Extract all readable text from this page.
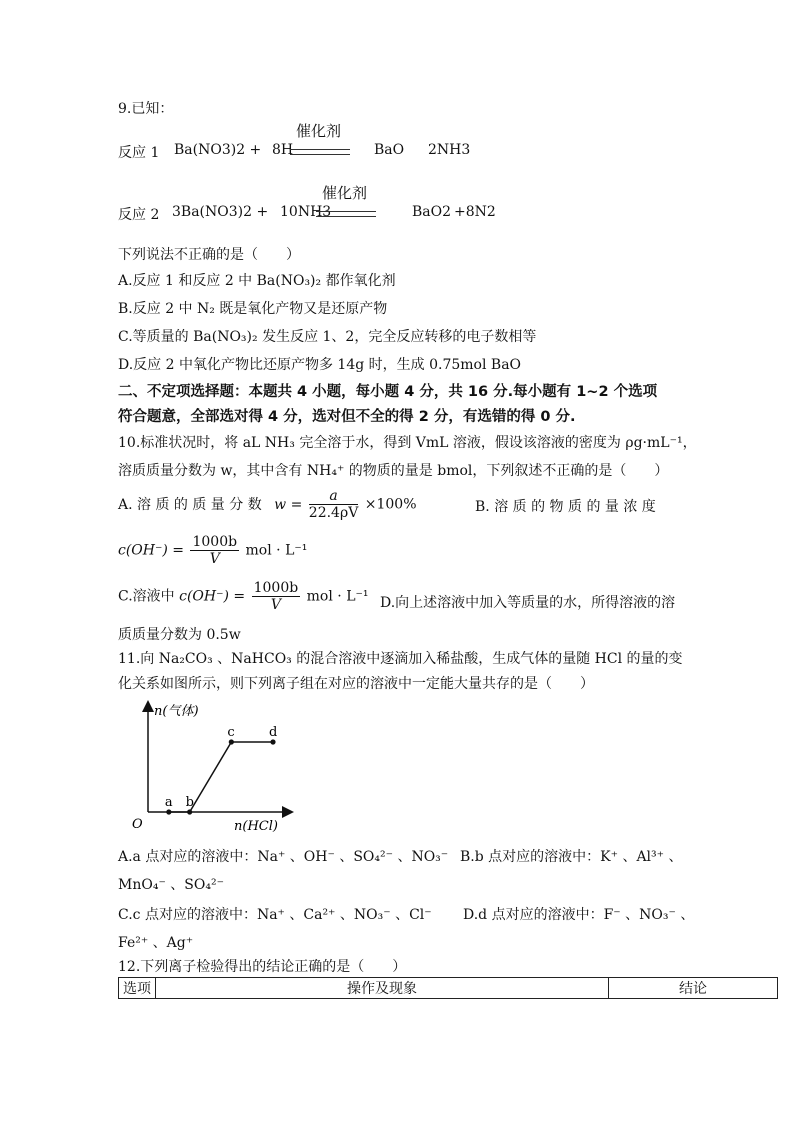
9.已知：
反应 1 Ba(NO3)2 + 8H
催化剂
BaO 2NH3
反应 2 3Ba(NO3)2 + 10NH3
催化剂
BaO2 +8N2
下列说法不正确的是（　　）
A.反应 1 和反应 2 中 Ba(NO₃)₂ 都作氧化剂
B.反应 2 中 N₂ 既是氧化产物又是还原产物
C.等质量的 Ba(NO₃)₂ 发生反应 1、2，完全反应转移的电子数相等
D.反应 2 中氧化产物比还原产物多 14g 时，生成 0.75mol BaO
二、不定项选择题：本题共 4 小题，每小题 4 分，共 16 分.每小题有 1~2 个选项
符合题意，全部选对得 4 分，选对但不全的得 2 分，有选错的得 0 分.
10.标准状况时，将 aL NH₃ 完全溶于水，得到 VmL 溶液，假设该溶液的密度为 ρg·mL⁻¹，
溶质质量分数为 w，其中含有 NH₄⁺ 的物质的量是 bmol，下列叙述不正确的是（　　）
A. 溶 质 的 质 量 分 数 $w = \frac{a}{22.4\rho V} \times 100\%$	B. 溶 质 的 物 质 的 量 浓 度
$c(OH^-) = \frac{1000b}{V}$ mol · L⁻¹
C.溶液中 $c(OH^-) = \frac{1000b}{V}$ mol · L⁻¹ D.向上述溶液中加入等质量的水，所得溶液的溶
质质量分数为 0.5w
11.向 Na₂CO₃ 、NaHCO₃ 的混合溶液中逐滴加入稀盐酸，生成气体的量随 HCl 的量的变
化关系如图所示，则下列离子组在对应的溶液中一定能大量共存的是（　　）
n(气体)
n(HCl)
O
a b
c	d
A.a 点对应的溶液中：Na⁺ 、OH⁻ 、SO₄²⁻ 、NO₃⁻ B.b 点对应的溶液中：K⁺ 、Al³⁺ 、
MnO₄⁻ 、SO₄²⁻
C.c 点对应的溶液中：Na⁺ 、Ca²⁺ 、NO₃⁻ 、Cl⁻ D.d 点对应的溶液中：F⁻ 、NO₃⁻ 、
Fe²⁺ 、Ag⁺
12.下列离子检验得出的结论正确的是（　　）
选项	操作及现象	结论
